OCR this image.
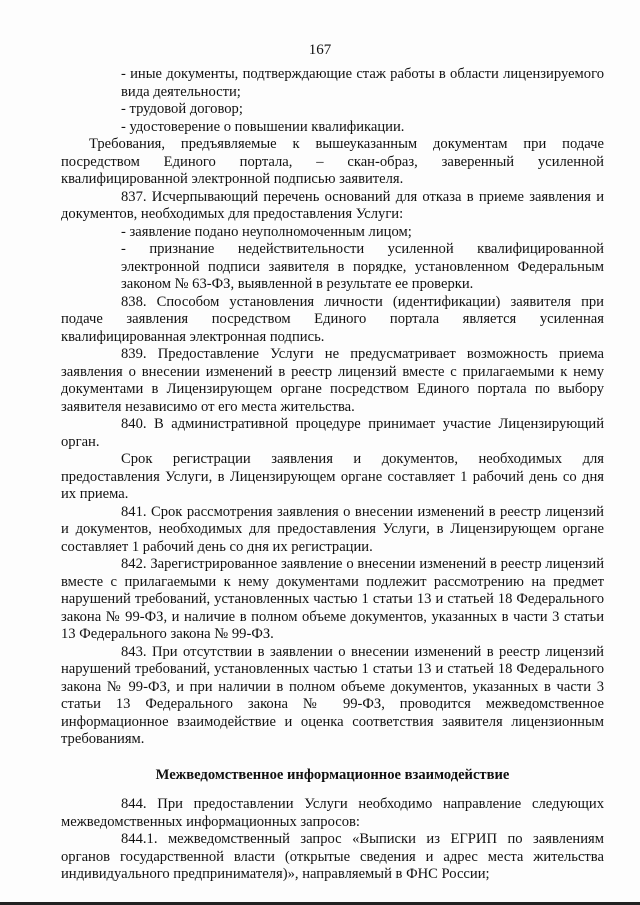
167

- иные документы, подтверждающие стаж работы в области лицензируемого вида деятельности;

- трудовой договор;

- удостоверение о повышении квалификации.

Требования, предъявляемые к вышеуказанным документам при подаче посредством Единого портала, – скан-образ, заверенный усиленной квалифицированной электронной подписью заявителя.

837. Исчерпывающий перечень оснований для отказа в приеме заявления и документов, необходимых для предоставления Услуги:

- заявление подано неуполномоченным лицом;

- признание недействительности усиленной квалифицированной электронной подписи заявителя в порядке, установленном Федеральным законом № 63-ФЗ, выявленной в результате ее проверки.

838. Способом установления личности (идентификации) заявителя при подаче заявления посредством Единого портала является усиленная квалифицированная электронная подпись.

839. Предоставление Услуги не предусматривает возможность приема заявления о внесении изменений в реестр лицензий вместе с прилагаемыми к нему документами в Лицензирующем органе посредством Единого портала по выбору заявителя независимо от его места жительства.

840. В административной процедуре принимает участие Лицензирующий орган.

Срок регистрации заявления и документов, необходимых для предоставления Услуги, в Лицензирующем органе составляет 1 рабочий день со дня их приема.

841. Срок рассмотрения заявления о внесении изменений в реестр лицензий и документов, необходимых для предоставления Услуги, в Лицензирующем органе составляет 1 рабочий день со дня их регистрации.

842. Зарегистрированное заявление о внесении изменений в реестр лицензий вместе с прилагаемыми к нему документами подлежит рассмотрению на предмет нарушений требований, установленных частью 1 статьи 13 и статьей 18 Федерального закона № 99-ФЗ, и наличие в полном объеме документов, указанных в части 3 статьи 13 Федерального закона № 99-ФЗ.

843. При отсутствии в заявлении о внесении изменений в реестр лицензий нарушений требований, установленных частью 1 статьи 13 и статьей 18 Федерального закона № 99-ФЗ, и при наличии в полном объеме документов, указанных в части 3 статьи 13 Федерального закона № 99-ФЗ, проводится межведомственное информационное взаимодействие и оценка соответствия заявителя лицензионным требованиям.

Межведомственное информационное взаимодействие

844. При предоставлении Услуги необходимо направление следующих межведомственных информационных запросов:

844.1. межведомственный запрос «Выписки из ЕГРИП по заявлениям органов государственной власти (открытые сведения и адрес места жительства индивидуального предпринимателя)», направляемый в ФНС России;
